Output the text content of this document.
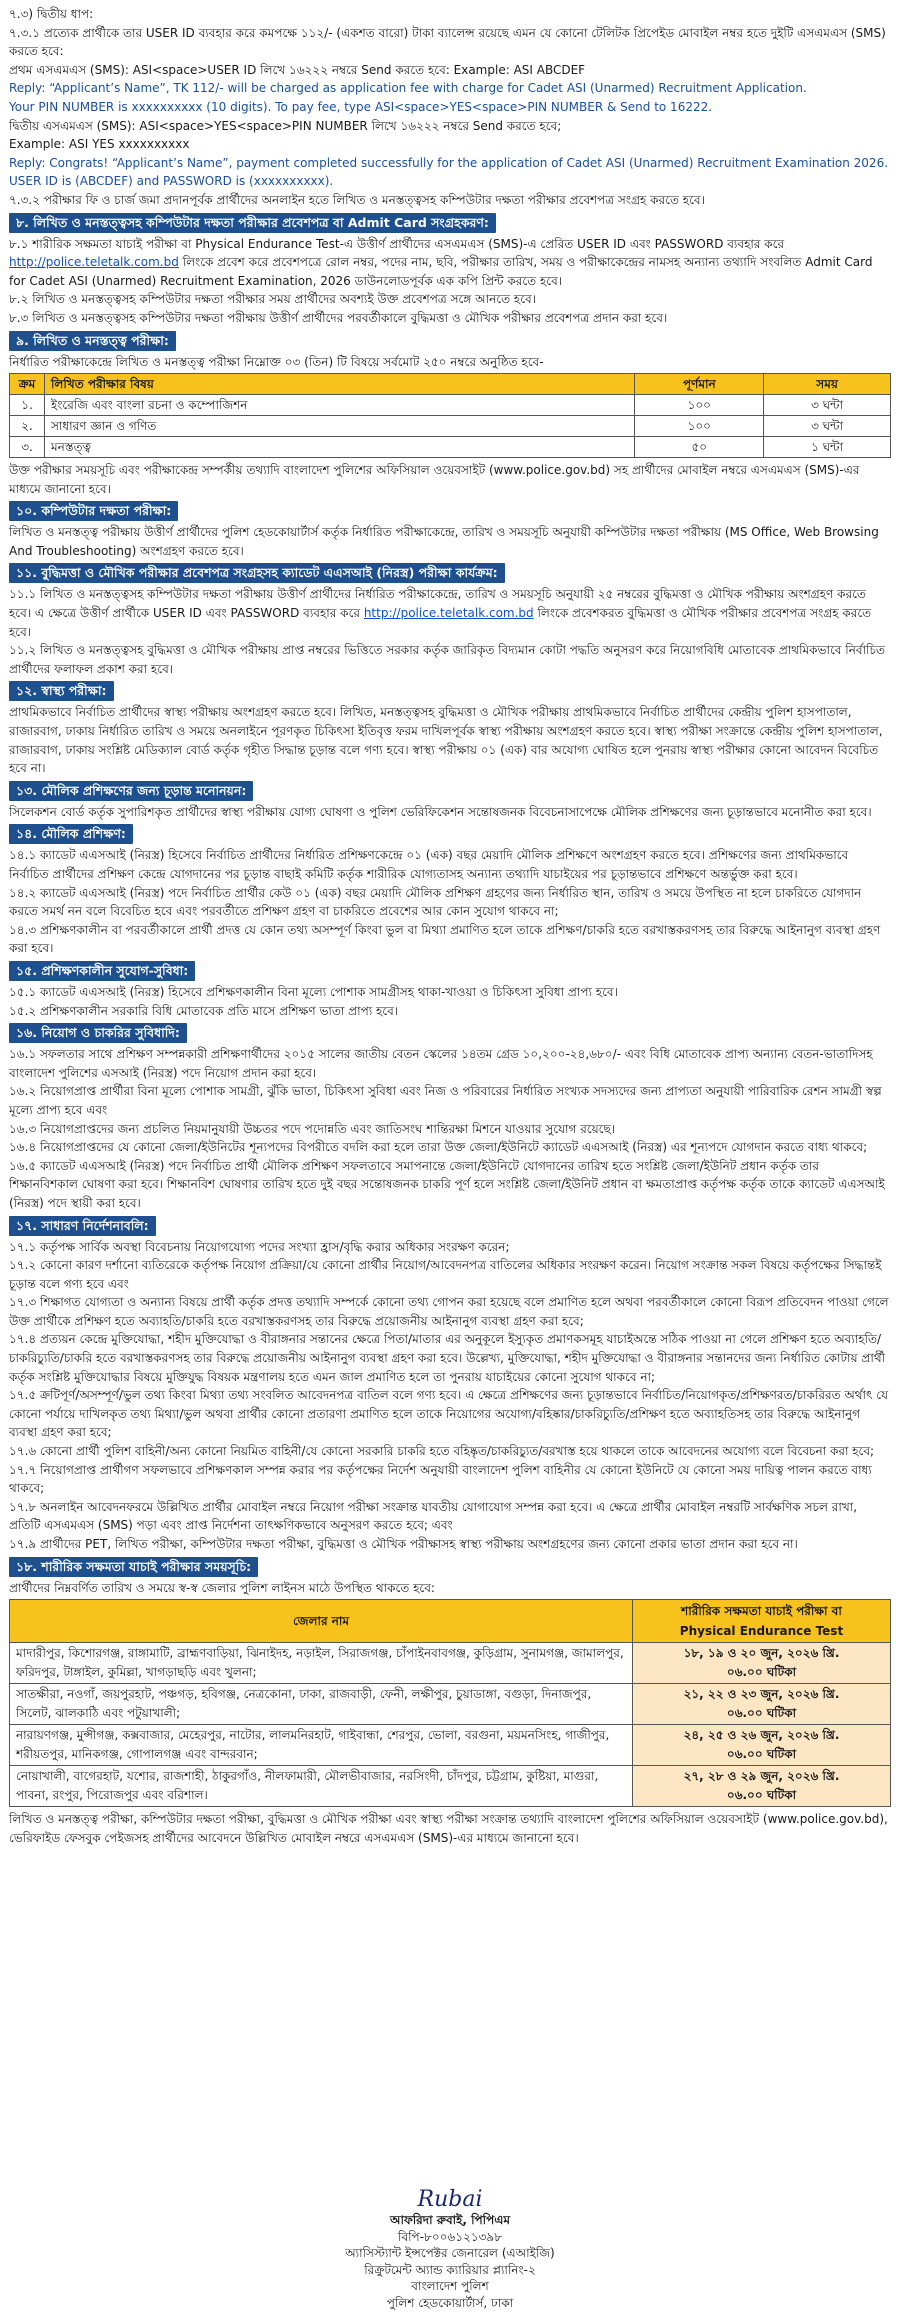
৭.৩) দ্বিতীয় ধাপ:

৭.৩.১ প্রত্যেক প্রার্থীকে তার USER ID ব্যবহার করে কমপক্ষে ১১২/- (একশত বারো) টাকা ব্যালেন্স রয়েছে এমন যে কোনো টেলিটক প্রিপেইড মোবাইল নম্বর হতে দুইটি এসএমএস (SMS) করতে হবে:

প্রথম এসএমএস (SMS): ASI<space>USER ID লিখে ১৬২২২ নম্বরে Send করতে হবে: Example: ASI ABCDEF

Reply: “Applicant’s Name”, TK 112/- will be charged as application fee with charge for Cadet ASI (Unarmed) Recruitment Application.

Your PIN NUMBER is xxxxxxxxxx (10 digits). To pay fee, type ASI<space>YES<space>PIN NUMBER & Send to 16222.

দ্বিতীয় এসএমএস (SMS): ASI<space>YES<space>PIN NUMBER লিখে ১৬২২২ নম্বরে Send করতে হবে;

Example: ASI YES xxxxxxxxxx

Reply: Congrats! “Applicant’s Name”, payment completed successfully for the application of Cadet ASI (Unarmed) Recruitment Examination 2026. USER ID is (ABCDEF) and PASSWORD is (xxxxxxxxxx).

৭.৩.২ পরীক্ষার ফি ও চার্জ জমা প্রদানপূর্বক প্রার্থীদের অনলাইন হতে লিখিত ও মনস্তত্ত্বসহ কম্পিউটার দক্ষতা পরীক্ষার প্রবেশপত্র সংগ্রহ করতে হবে।

৮. লিখিত ও মনস্তত্ত্বসহ কম্পিউটার দক্ষতা পরীক্ষার প্রবেশপত্র বা Admit Card সংগ্রহকরণ:

৮.১ শারীরিক সক্ষমতা যাচাই পরীক্ষা বা Physical Endurance Test-এ উত্তীর্ণ প্রার্থীদের এসএমএস (SMS)-এ প্রেরিত USER ID এবং PASSWORD ব্যবহার করে http://police.teletalk.com.bd লিংকে প্রবেশ করে প্রবেশপত্রে রোল নম্বর, পদের নাম, ছবি, পরীক্ষার তারিখ, সময় ও পরীক্ষাকেন্দ্রের নামসহ অন্যান্য তথ্যাদি সংবলিত Admit Card for Cadet ASI (Unarmed) Recruitment Examination, 2026 ডাউনলোডপূর্বক এক কপি প্রিন্ট করতে হবে।

৮.২ লিখিত ও মনস্তত্ত্বসহ কম্পিউটার দক্ষতা পরীক্ষার সময় প্রার্থীদের অবশ্যই উক্ত প্রবেশপত্র সঙ্গে আনতে হবে।

৮.৩ লিখিত ও মনস্তত্ত্বসহ কম্পিউটার দক্ষতা পরীক্ষায় উত্তীর্ণ প্রার্থীদের পরবর্তীকালে বুদ্ধিমত্তা ও মৌখিক পরীক্ষার প্রবেশপত্র প্রদান করা হবে।

৯. লিখিত ও মনস্তত্ত্ব পরীক্ষা:

নির্ধারিত পরীক্ষাকেন্দ্রে লিখিত ও মনস্তত্ত্ব পরীক্ষা নিম্নোক্ত ০৩ (তিন) টি বিষয়ে সর্বমোট ২৫০ নম্বরে অনুষ্ঠিত হবে-

ক্রম	লিখিত পরীক্ষার বিষয়	পূর্ণমান	সময়
১.	ইংরেজি এবং বাংলা রচনা ও কম্পোজিশন	১০০	৩ ঘন্টা
২.	সাধারণ জ্ঞান ও গণিত	১০০	৩ ঘন্টা
৩.	মনস্তত্ত্ব	৫০	১ ঘন্টা

উক্ত পরীক্ষার সময়সূচি এবং পরীক্ষাকেন্দ্র সম্পর্কীয় তথ্যাদি বাংলাদেশ পুলিশের অফিসিয়াল ওয়েবসাইট (www.police.gov.bd) সহ প্রার্থীদের মোবাইল নম্বরে এসএমএস (SMS)-এর মাধ্যমে জানানো হবে।

১০. কম্পিউটার দক্ষতা পরীক্ষা:

লিখিত ও মনস্তত্ত্ব পরীক্ষায় উত্তীর্ণ প্রার্থীদের পুলিশ হেডকোয়ার্টার্স কর্তৃক নির্ধারিত পরীক্ষাকেন্দ্রে, তারিখ ও সময়সূচি অনুযায়ী কম্পিউটার দক্ষতা পরীক্ষায় (MS Office, Web Browsing And Troubleshooting) অংশগ্রহণ করতে হবে।

১১. বুদ্ধিমত্তা ও মৌখিক পরীক্ষার প্রবেশপত্র সংগ্রহসহ ক্যাডেট এএসআই (নিরস্ত্র) পরীক্ষা কার্যক্রম:

১১.১ লিখিত ও মনস্তত্ত্বসহ কম্পিউটার দক্ষতা পরীক্ষায় উত্তীর্ণ প্রার্থীদের নির্ধারিত পরীক্ষাকেন্দ্রে, তারিখ ও সময়সূচি অনুযায়ী ২৫ নম্বরের বুদ্ধিমত্তা ও মৌখিক পরীক্ষায় অংশগ্রহণ করতে হবে। এ ক্ষেত্রে উত্তীর্ণ প্রার্থীকে USER ID এবং PASSWORD ব্যবহার করে http://police.teletalk.com.bd লিংকে প্রবেশকরত বুদ্ধিমত্তা ও মৌখিক পরীক্ষার প্রবেশপত্র সংগ্রহ করতে হবে।

১১.২ লিখিত ও মনস্তত্ত্বসহ বুদ্ধিমত্তা ও মৌখিক পরীক্ষায় প্রাপ্ত নম্বরের ভিত্তিতে সরকার কর্তৃক জারিকৃত বিদ্যমান কোটা পদ্ধতি অনুসরণ করে নিয়োগবিধি মোতাবেক প্রাথমিকভাবে নির্বাচিত প্রার্থীদের ফলাফল প্রকাশ করা হবে।

১২. স্বাস্থ্য পরীক্ষা:

প্রাথমিকভাবে নির্বাচিত প্রার্থীদের স্বাস্থ্য পরীক্ষায় অংশগ্রহণ করতে হবে। লিখিত, মনস্তত্ত্বসহ বুদ্ধিমত্তা ও মৌখিক পরীক্ষায় প্রাথমিকভাবে নির্বাচিত প্রার্থীদের কেন্দ্রীয় পুলিশ হাসপাতাল, রাজারবাগ, ঢাকায় নির্ধারিত তারিখ ও সময়ে অনলাইনে পূরণকৃত চিকিৎসা ইতিবৃত্ত ফরম দাখিলপূর্বক স্বাস্থ্য পরীক্ষায় অংশগ্রহণ করতে হবে। স্বাস্থ্য পরীক্ষা সংক্রান্তে কেন্দ্রীয় পুলিশ হাসপাতাল, রাজারবাগ, ঢাকায় সংশ্লিষ্ট মেডিক্যাল বোর্ড কর্তৃক গৃহীত সিদ্ধান্ত চূড়ান্ত বলে গণ্য হবে। স্বাস্থ্য পরীক্ষায় ০১ (এক) বার অযোগ্য ঘোষিত হলে পুনরায় স্বাস্থ্য পরীক্ষার কোনো আবেদন বিবেচিত হবে না।

১৩. মৌলিক প্রশিক্ষণের জন্য চূড়ান্ত মনোনয়ন:

সিলেকশন বোর্ড কর্তৃক সুপারিশকৃত প্রার্থীদের স্বাস্থ্য পরীক্ষায় যোগ্য ঘোষণা ও পুলিশ ভেরিফিকেশন সন্তোষজনক বিবেচনাসাপেক্ষে মৌলিক প্রশিক্ষণের জন্য চূড়ান্তভাবে মনোনীত করা হবে।

১৪. মৌলিক প্রশিক্ষণ:

১৪.১ ক্যাডেট এএসআই (নিরস্ত্র) হিসেবে নির্বাচিত প্রার্থীদের নির্ধারিত প্রশিক্ষণকেন্দ্রে ০১ (এক) বছর মেয়াদি মৌলিক প্রশিক্ষণে অংশগ্রহণ করতে হবে। প্রশিক্ষণের জন্য প্রাথমিকভাবে নির্বাচিত প্রার্থীদের প্রশিক্ষণ কেন্দ্রে যোগদানের পর চূড়ান্ত বাছাই কমিটি কর্তৃক শারীরিক যোগ্যতাসহ অন্যান্য তথ্যাদি যাচাইয়ের পর চূড়ান্তভাবে প্রশিক্ষণে অন্তর্ভুক্ত করা হবে।

১৪.২ ক্যাডেট এএসআই (নিরস্ত্র) পদে নির্বাচিত প্রার্থীর কেউ ০১ (এক) বছর মেয়াদি মৌলিক প্রশিক্ষণ গ্রহণের জন্য নির্ধারিত স্থান, তারিখ ও সময়ে উপস্থিত না হলে চাকরিতে যোগদান করতে সমর্থ নন বলে বিবেচিত হবে এবং পরবর্তীতে প্রশিক্ষণ গ্রহণ বা চাকরিতে প্রবেশের আর কোন সুযোগ থাকবে না;

১৪.৩ প্রশিক্ষণকালীন বা পরবর্তীকালে প্রার্থী প্রদত্ত যে কোন তথ্য অসম্পূর্ণ কিংবা ভুল বা মিথ্যা প্রমাণিত হলে তাকে প্রশিক্ষণ/চাকরি হতে বরখাস্তকরণসহ তার বিরুদ্ধে আইনানুগ ব্যবস্থা গ্রহণ করা হবে।

১৫. প্রশিক্ষণকালীন সুযোগ-সুবিধা:

১৫.১ ক্যাডেট এএসআই (নিরস্ত্র) হিসেবে প্রশিক্ষণকালীন বিনা মূল্যে পোশাক সামগ্রীসহ থাকা-খাওয়া ও চিকিৎসা সুবিধা প্রাপ্য হবে।

১৫.২ প্রশিক্ষণকালীন সরকারি বিধি মোতাবেক প্রতি মাসে প্রশিক্ষণ ভাতা প্রাপ্য হবে।

১৬. নিয়োগ ও চাকরির সুবিধাদি:

১৬.১ সফলতার সাথে প্রশিক্ষণ সম্পন্নকারী প্রশিক্ষণার্থীদের ২০১৫ সালের জাতীয় বেতন স্কেলের ১৪তম গ্রেড ১০,২০০-২৪,৬৮০/- এবং বিধি মোতাবেক প্রাপ্য অন্যান্য বেতন-ভাতাদিসহ বাংলাদেশ পুলিশের এসআই (নিরস্ত্র) পদে নিয়োগ প্রদান করা হবে।

১৬.২ নিয়োগপ্রাপ্ত প্রার্থীরা বিনা মূল্যে পোশাক সামগ্রী, ঝুঁকি ভাতা, চিকিৎসা সুবিধা এবং নিজ ও পরিবারের নির্ধারিত সংখ্যক সদস্যদের জন্য প্রাপ্যতা অনুযায়ী পারিবারিক রেশন সামগ্রী স্বল্প মূল্যে প্রাপ্য হবে এবং

১৬.৩ নিয়োগপ্রাপ্তদের জন্য প্রচলিত নিয়মানুযায়ী উচ্চতর পদে পদোন্নতি এবং জাতিসংঘ শান্তিরক্ষা মিশনে যাওয়ার সুযোগ রয়েছে।

১৬.৪ নিয়োগপ্রাপ্তদের যে কোনো জেলা/ইউনিটের শূন্যপদের বিপরীতে বদলি করা হলে তারা উক্ত জেলা/ইউনিটে ক্যাডেট এএসআই (নিরস্ত্র) এর শূন্যপদে যোগদান করতে বাধ্য থাকবে;

১৬.৫ ক্যাডেট এএসআই (নিরস্ত্র) পদে নির্বাচিত প্রার্থী মৌলিক প্রশিক্ষণ সফলতাবে সমাপনান্তে জেলা/ইউনিটে যোগদানের তারিখ হতে সংশ্লিষ্ট জেলা/ইউনিট প্রধান কর্তৃক তার শিক্ষানবিশকাল ঘোষণা করা হবে। শিক্ষানবিশ ঘোষণার তারিখ হতে দুই বছর সন্তোষজনক চাকরি পূর্ণ হলে সংশ্লিষ্ট জেলা/ইউনিট প্রধান বা ক্ষমতাপ্রাপ্ত কর্তৃপক্ষ কর্তৃক তাকে ক্যাডেট এএসআই (নিরস্ত্র) পদে স্থায়ী করা হবে।

১৭. সাধারণ নির্দেশনাবলি:

১৭.১ কর্তৃপক্ষ সার্বিক অবস্থা বিবেচনায় নিয়োগযোগ্য পদের সংখ্যা হ্রাস/বৃদ্ধি করার অধিকার সংরক্ষণ করেন;

১৭.২ কোনো কারণ দর্শানো ব্যতিরেকে কর্তৃপক্ষ নিয়োগ প্রক্রিয়া/যে কোনো প্রার্থীর নিয়োগ/আবেদনপত্র বাতিলের অধিকার সংরক্ষণ করেন। নিয়োগ সংক্রান্ত সকল বিষয়ে কর্তৃপক্ষের সিদ্ধান্তই চূড়ান্ত বলে গণ্য হবে এবং

১৭.৩ শিক্ষাগত যোগ্যতা ও অন্যান্য বিষয়ে প্রার্থী কর্তৃক প্রদত্ত তথ্যাদি সম্পর্কে কোনো তথ্য গোপন করা হয়েছে বলে প্রমাণিত হলে অথবা পরবর্তীকালে কোনো বিরূপ প্রতিবেদন পাওয়া গেলে উক্ত প্রার্থীকে প্রশিক্ষণ হতে অব্যাহতি/চাকরি হতে বরখাস্তকরণসহ তার বিরুদ্ধে প্রয়োজনীয় আইনানুগ ব্যবস্থা গ্রহণ করা হবে;

১৭.৪ প্রত্যয়ন কেন্দ্রে মুক্তিযোদ্ধা, শহীদ মুক্তিযোদ্ধা ও বীরাঙ্গনার সন্তানের ক্ষেত্রে পিতা/মাতার এর অনুকূলে ইস্যুকৃত প্রমাণকসমূহ যাচাইঅন্তে সঠিক পাওয়া না গেলে প্রশিক্ষণ হতে অব্যাহতি/চাকরিচ্যুতি/চাকরি হতে বরখাস্তকরণসহ তার বিরুদ্ধে প্রয়োজনীয় আইনানুগ ব্যবস্থা গ্রহণ করা হবে। উল্লেখ্য, মুক্তিযোদ্ধা, শহীদ মুক্তিযোদ্ধা ও বীরাঙ্গনার সন্তানদের জন্য নির্ধারিত কোটায় প্রার্থী কর্তৃক সংশ্লিষ্ট মুক্তিযোদ্ধার বিষয়ে মুক্তিযুদ্ধ বিষয়ক মন্ত্রণালয় হতে এমন জাল প্রমাণিত হলে তা পুনরায় যাচাইয়ের কোনো সুযোগ থাকবে না;

১৭.৫ ক্রটিপূর্ণ/অসম্পূর্ণ/ভুল তথ্য কিংবা মিথ্যা তথ্য সংবলিত আবেদনপত্র বাতিল বলে গণ্য হবে। এ ক্ষেত্রে প্রশিক্ষণের জন্য চূড়ান্তভাবে নির্বাচিত/নিয়োগকৃত/প্রশিক্ষণরত/চাকরিরত অর্থাৎ যে কোনো পর্যায়ে দাখিলকৃত তথ্য মিথ্যা/ভুল অথবা প্রার্থীর কোনো প্রতারণা প্রমাণিত হলে তাকে নিয়োগের অযোগ্য/বহিষ্কার/চাকরিচ্যুতি/প্রশিক্ষণ হতে অব্যাহতিসহ তার বিরুদ্ধে আইনানুগ ব্যবস্থা গ্রহণ করা হবে;

১৭.৬ কোনো প্রার্থী পুলিশ বাহিনী/অন্য কোনো নিয়মিত বাহিনী/যে কোনো সরকারি চাকরি হতে বহিষ্কৃত/চাকরিচ্যুত/বরখাস্ত হয়ে থাকলে তাকে আবেদনের অযোগ্য বলে বিবেচনা করা হবে;

১৭.৭ নিয়োগপ্রাপ্ত প্রার্থীগণ সফলভাবে প্রশিক্ষণকাল সম্পন্ন করার পর কর্তৃপক্ষের নির্দেশ অনুযায়ী বাংলাদেশ পুলিশ বাহিনীর যে কোনো ইউনিটে যে কোনো সময় দায়িত্ব পালন করতে বাধ্য থাকবে;

১৭.৮ অনলাইন আবেদনফরমে উল্লিখিত প্রার্থীর মোবাইল নম্বরে নিয়োগ পরীক্ষা সংক্রান্ত যাবতীয় যোগাযোগ সম্পন্ন করা হবে। এ ক্ষেত্রে প্রার্থীর মোবাইল নম্বরটি সার্বক্ষণিক সচল রাখা, প্রতিটি এসএমএস (SMS) পড়া এবং প্রাপ্ত নির্দেশনা তাৎক্ষণিকভাবে অনুসরণ করতে হবে; এবং

১৭.৯ প্রার্থীদের PET, লিখিত পরীক্ষা, কম্পিউটার দক্ষতা পরীক্ষা, বুদ্ধিমত্তা ও মৌখিক পরীক্ষাসহ স্বাস্থ্য পরীক্ষায় অংশগ্রহণের জন্য কোনো প্রকার ভাতা প্রদান করা হবে না।

১৮. শারীরিক সক্ষমতা যাচাই পরীক্ষার সময়সূচি:

প্রার্থীদের নিম্নবর্ণিত তারিখ ও সময়ে স্ব-স্ব জেলার পুলিশ লাইনস মাঠে উপস্থিত থাকতে হবে:

জেলার নাম	শারীরিক সক্ষমতা যাচাই পরীক্ষা বা
Physical Endurance Test

মাদারীপুর, কিশোরগঞ্জ, রাঙ্গামাটি, ব্রাহ্মণবাড়িয়া, ঝিনাইদহ, নড়াইল, সিরাজগঞ্জ, চাঁপাইনবাবগঞ্জ, কুড়িগ্রাম, সুনামগঞ্জ, জামালপুর, ফরিদপুর, টাঙ্গাইল, কুমিল্লা, খাগড়াছড়ি এবং খুলনা;	১৮, ১৯ ও ২০ জুন, ২০২৬ খ্রি.
০৬.০০ ঘটিকা

সাতক্ষীরা, নওগাঁ, জয়পুরহাট, পঞ্চগড়, হবিগঞ্জ, নেত্রকোনা, ঢাকা, রাজবাড়ী, ফেনী, লক্ষীপুর, চুয়াডাঙ্গা, বগুড়া, দিনাজপুর, সিলেট, ঝালকাঠি এবং পটুয়াখালী;	২১, ২২ ও ২৩ জুন, ২০২৬ খ্রি.
০৬.০০ ঘটিকা

নারায়ণগঞ্জ, মুন্সীগঞ্জ, কক্সবাজার, মেহেরপুর, নাটোর, লালমনিরহাট, গাইবান্ধা, শেরপুর, ভোলা, বরগুনা, ময়মনসিংহ, গাজীপুর, শরীয়তপুর, মানিকগঞ্জ, গোপালগঞ্জ এবং বান্দরবান;	২৪, ২৫ ও ২৬ জুন, ২০২৬ খ্রি.
০৬.০০ ঘটিকা

নোয়াখালী, বাগেরহাট, যশোর, রাজশাহী, ঠাকুরগাঁও, নীলফামারী, মৌলভীবাজার, নরসিংদী, চাঁদপুর, চট্টগ্রাম, কুষ্টিয়া, মাগুরা, পাবনা, রংপুর, পিরোজপুর এবং বরিশাল।	২৭, ২৮ ও ২৯ জুন, ২০২৬ খ্রি.
০৬.০০ ঘটিকা

লিখিত ও মনস্তত্ত্ব পরীক্ষা, কম্পিউটার দক্ষতা পরীক্ষা, বুদ্ধিমত্তা ও মৌখিক পরীক্ষা এবং স্বাস্থ্য পরীক্ষা সংক্রান্ত তথ্যাদি বাংলাদেশ পুলিশের অফিসিয়াল ওয়েবসাইট (www.police.gov.bd), ভেরিফাইড ফেসবুক পেইজসহ প্রার্থীদের আবেদনে উল্লিখিত মোবাইল নম্বরে এসএমএস (SMS)-এর মাধ্যমে জানানো হবে।

Rubai
আফরিদা রুবাই, পিপিএম
বিপি-৮০০৬১২১৩৯৮
অ্যাসিস্ট্যান্ট ইন্সপেক্টর জেনারেল (এআইজি)
রিক্রুটমেন্ট অ্যান্ড ক্যারিয়ার প্ল্যানিং-২
বাংলাদেশ পুলিশ
পুলিশ হেডকোয়ার্টার্স, ঢাকা
